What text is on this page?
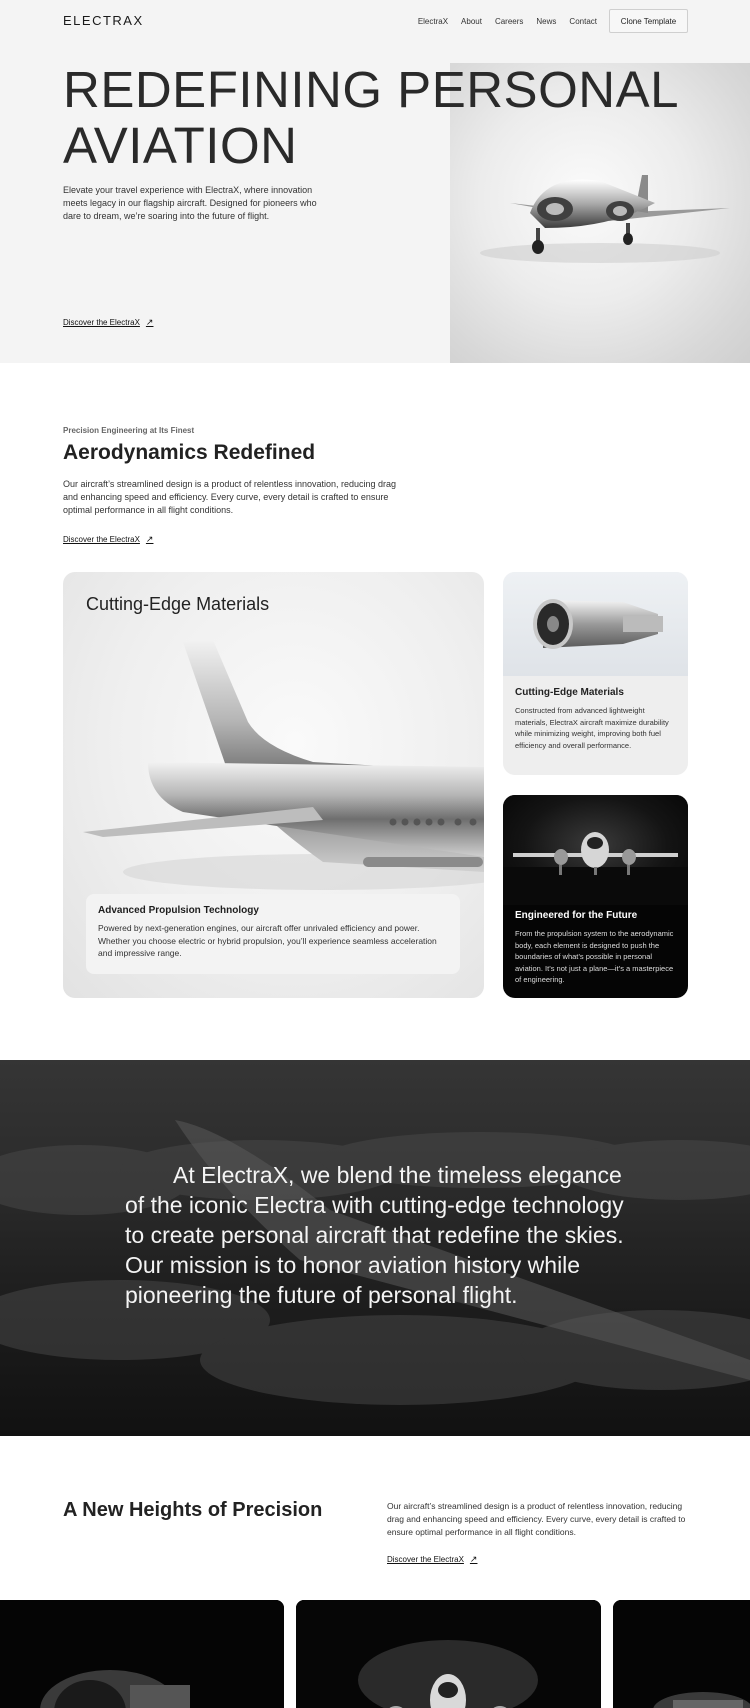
REDEFINING PERSONAL
AVIATION

Elevate your travel experience with ElectraX, where innovation meets legacy in our flagship aircraft. Designed for pioneers who dare to dream, we’re soaring into the future of flight.

Discover the ElectraX ↗
ELECTRAX	ElectraX About Careers News Contact	Clone Template
Precision Engineering at Its Finest
Aerodynamics Redefined

Our aircraft’s streamlined design is a product of relentless innovation, reducing drag and enhancing speed and efficiency. Every curve, every detail is crafted to ensure optimal performance in all flight conditions.

Discover the ElectraX ↗
Cutting-Edge Materials
Advanced Propulsion Technology

Powered by next-generation engines, our aircraft offer unrivaled efficiency and power. Whether you choose electric or hybrid propulsion, you’ll experience seamless acceleration and impressive range.

Cutting-Edge Materials

Constructed from advanced lightweight materials, ElectraX aircraft maximize durability while minimizing weight, improving both fuel efficiency and overall performance.

Engineered for the Future

From the propulsion system to the aerodynamic body, each element is designed to push the boundaries of what’s possible in personal aviation. It’s not just a plane—it’s a masterpiece of engineering.

At ElectraX, we blend the timeless elegance of the iconic Electra with cutting-edge technology to create personal aircraft that redefine the skies. Our mission is to honor aviation history while pioneering the future of personal flight.

A New Heights of Precision	Our aircraft’s streamlined design is a product of relentless innovation, reducing drag and enhancing speed and efficiency. Every curve, every detail is crafted to ensure optimal performance in all flight conditions.

Discover the ElectraX ↗
